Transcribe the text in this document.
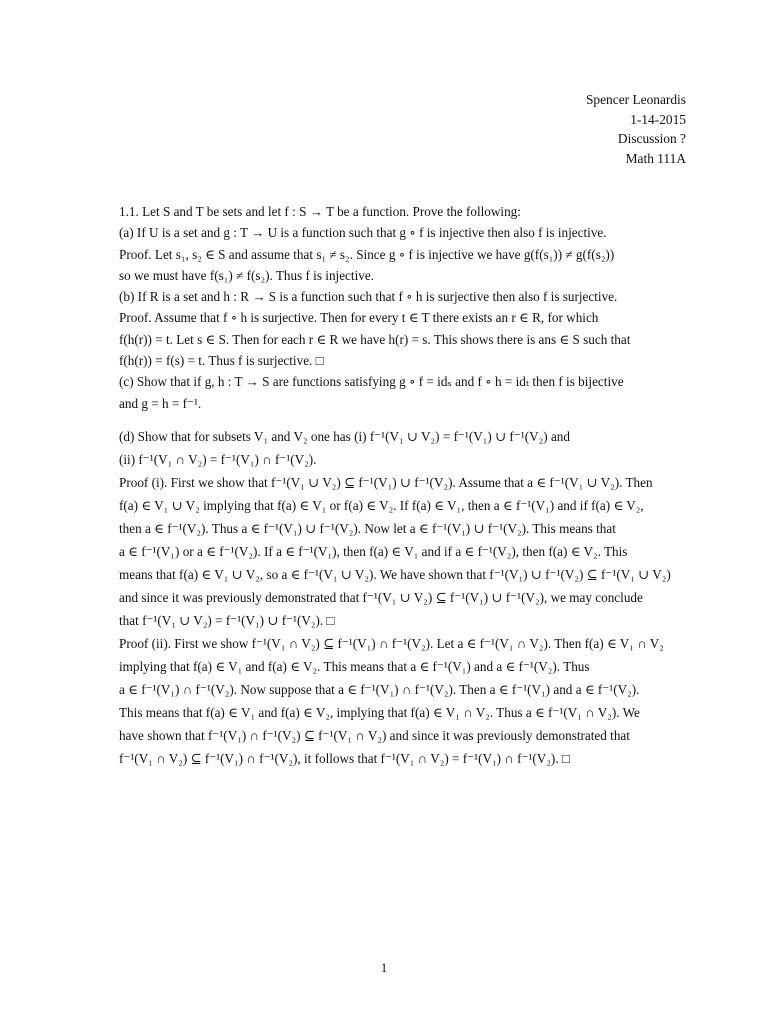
Spencer Leonardis
1-14-2015
Discussion ?
Math 111A
1.1. Let S and T be sets and let f : S → T be a function. Prove the following:
(a) If U is a set and g : T → U is a function such that g ∘ f is injective then also f is injective.
Proof. Let s₁, s₂ ∈ S and assume that s₁ ≠ s₂. Since g ∘ f is injective we have g(f(s₁)) ≠ g(f(s₂))
so we must have f(s₁) ≠ f(s₂). Thus f is injective.
(b) If R is a set and h : R → S is a function such that f ∘ h is surjective then also f is surjective.
Proof. Assume that f ∘ h is surjective. Then for every t ∈ T there exists an r ∈ R, for which
f(h(r)) = t. Let s ∈ S. Then for each r ∈ R we have h(r) = s. This shows there is ans ∈ S such that
f(h(r)) = f(s) = t. Thus f is surjective. □
(c) Show that if g, h : T → S are functions satisfying g ∘ f = idₛ and f ∘ h = idₜ then f is bijective
and g = h = f⁻¹.
(d) Show that for subsets V₁ and V₂ one has (i) f⁻¹(V₁ ∪ V₂) = f⁻¹(V₁) ∪ f⁻¹(V₂) and
(ii) f⁻¹(V₁ ∩ V₂) = f⁻¹(V₁) ∩ f⁻¹(V₂).
Proof (i). First we show that f⁻¹(V₁ ∪ V₂) ⊆ f⁻¹(V₁) ∪ f⁻¹(V₂). Assume that a ∈ f⁻¹(V₁ ∪ V₂). Then
f(a) ∈ V₁ ∪ V₂ implying that f(a) ∈ V₁ or f(a) ∈ V₂. If f(a) ∈ V₁, then a ∈ f⁻¹(V₁) and if f(a) ∈ V₂,
then a ∈ f⁻¹(V₂). Thus a ∈ f⁻¹(V₁) ∪ f⁻¹(V₂). Now let a ∈ f⁻¹(V₁) ∪ f⁻¹(V₂). This means that
a ∈ f⁻¹(V₁) or a ∈ f⁻¹(V₂). If a ∈ f⁻¹(V₁), then f(a) ∈ V₁ and if a ∈ f⁻¹(V₂), then f(a) ∈ V₂. This
means that f(a) ∈ V₁ ∪ V₂, so a ∈ f⁻¹(V₁ ∪ V₂). We have shown that f⁻¹(V₁) ∪ f⁻¹(V₂) ⊆ f⁻¹(V₁ ∪ V₂)
and since it was previously demonstrated that f⁻¹(V₁ ∪ V₂) ⊆ f⁻¹(V₁) ∪ f⁻¹(V₂), we may conclude
that f⁻¹(V₁ ∪ V₂) = f⁻¹(V₁) ∪ f⁻¹(V₂). □
Proof (ii). First we show f⁻¹(V₁ ∩ V₂) ⊆ f⁻¹(V₁) ∩ f⁻¹(V₂). Let a ∈ f⁻¹(V₁ ∩ V₂). Then f(a) ∈ V₁ ∩ V₂
implying that f(a) ∈ V₁ and f(a) ∈ V₂. This means that a ∈ f⁻¹(V₁) and a ∈ f⁻¹(V₂). Thus
a ∈ f⁻¹(V₁) ∩ f⁻¹(V₂). Now suppose that a ∈ f⁻¹(V₁) ∩ f⁻¹(V₂). Then a ∈ f⁻¹(V₁) and a ∈ f⁻¹(V₂).
This means that f(a) ∈ V₁ and f(a) ∈ V₂, implying that f(a) ∈ V₁ ∩ V₂. Thus a ∈ f⁻¹(V₁ ∩ V₂). We
have shown that f⁻¹(V₁) ∩ f⁻¹(V₂) ⊆ f⁻¹(V₁ ∩ V₂) and since it was previously demonstrated that
f⁻¹(V₁ ∩ V₂) ⊆ f⁻¹(V₁) ∩ f⁻¹(V₂), it follows that f⁻¹(V₁ ∩ V₂) = f⁻¹(V₁) ∩ f⁻¹(V₂). □
1
